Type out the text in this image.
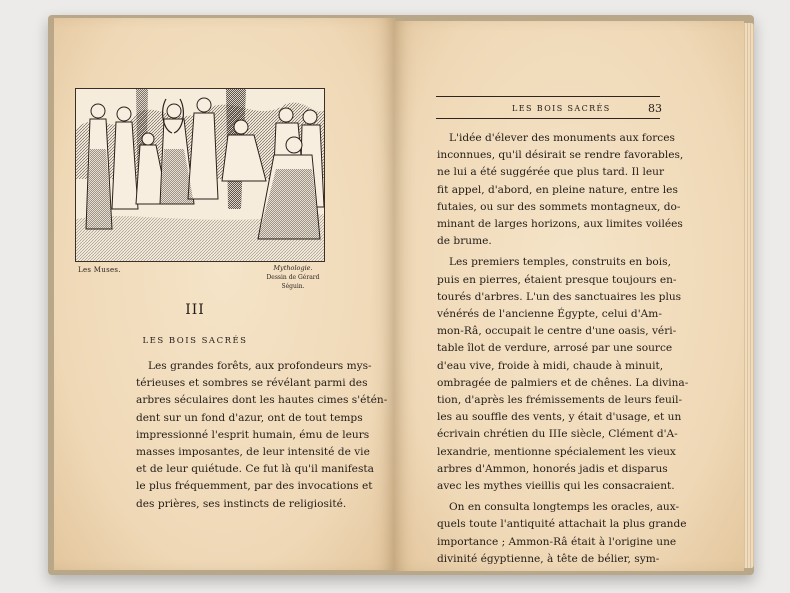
Les Muses.	Mythologie.
Dessin de Gérard Séguin.
III
LES BOIS SACRÉS
Les grandes forêts, aux profondeurs mys-
térieuses et sombres se révélant parmi des
arbres séculaires dont les hautes cimes s'étén-
dent sur un fond d'azur, ont de tout temps
impressionné l'esprit humain, ému de leurs
masses imposantes, de leur intensité de vie
et de leur quiétude. Ce fut là qu'il manifesta
le plus fréquemment, par des invocations et
des prières, ses instincts de religiosité.
LES BOIS SACRÉS	83
L'idée d'élever des monuments aux forces
inconnues, qu'il désirait se rendre favorables,
ne lui a été suggérée que plus tard. Il leur
fit appel, d'abord, en pleine nature, entre les
futaies, ou sur des sommets montagneux, do-
minant de larges horizons, aux limites voilées
de brume.
Les premiers temples, construits en bois,
puis en pierres, étaient presque toujours en-
tourés d'arbres. L'un des sanctuaires les plus
vénérés de l'ancienne Égypte, celui d'Am-
mon-Râ, occupait le centre d'une oasis, véri-
table îlot de verdure, arrosé par une source
d'eau vive, froide à midi, chaude à minuit,
ombragée de palmiers et de chênes. La divina-
tion, d'après les frémissements de leurs feuil-
les au souffle des vents, y était d'usage, et un
écrivain chrétien du IIIe siècle, Clément d'A-
lexandrie, mentionne spécialement les vieux
arbres d'Ammon, honorés jadis et disparus
avec les mythes vieillis qui les consacraient.
On en consulta longtemps les oracles, aux-
quels toute l'antiquité attachait la plus grande
importance ; Ammon-Râ était à l'origine une
divinité égyptienne, à tête de bélier, sym-
